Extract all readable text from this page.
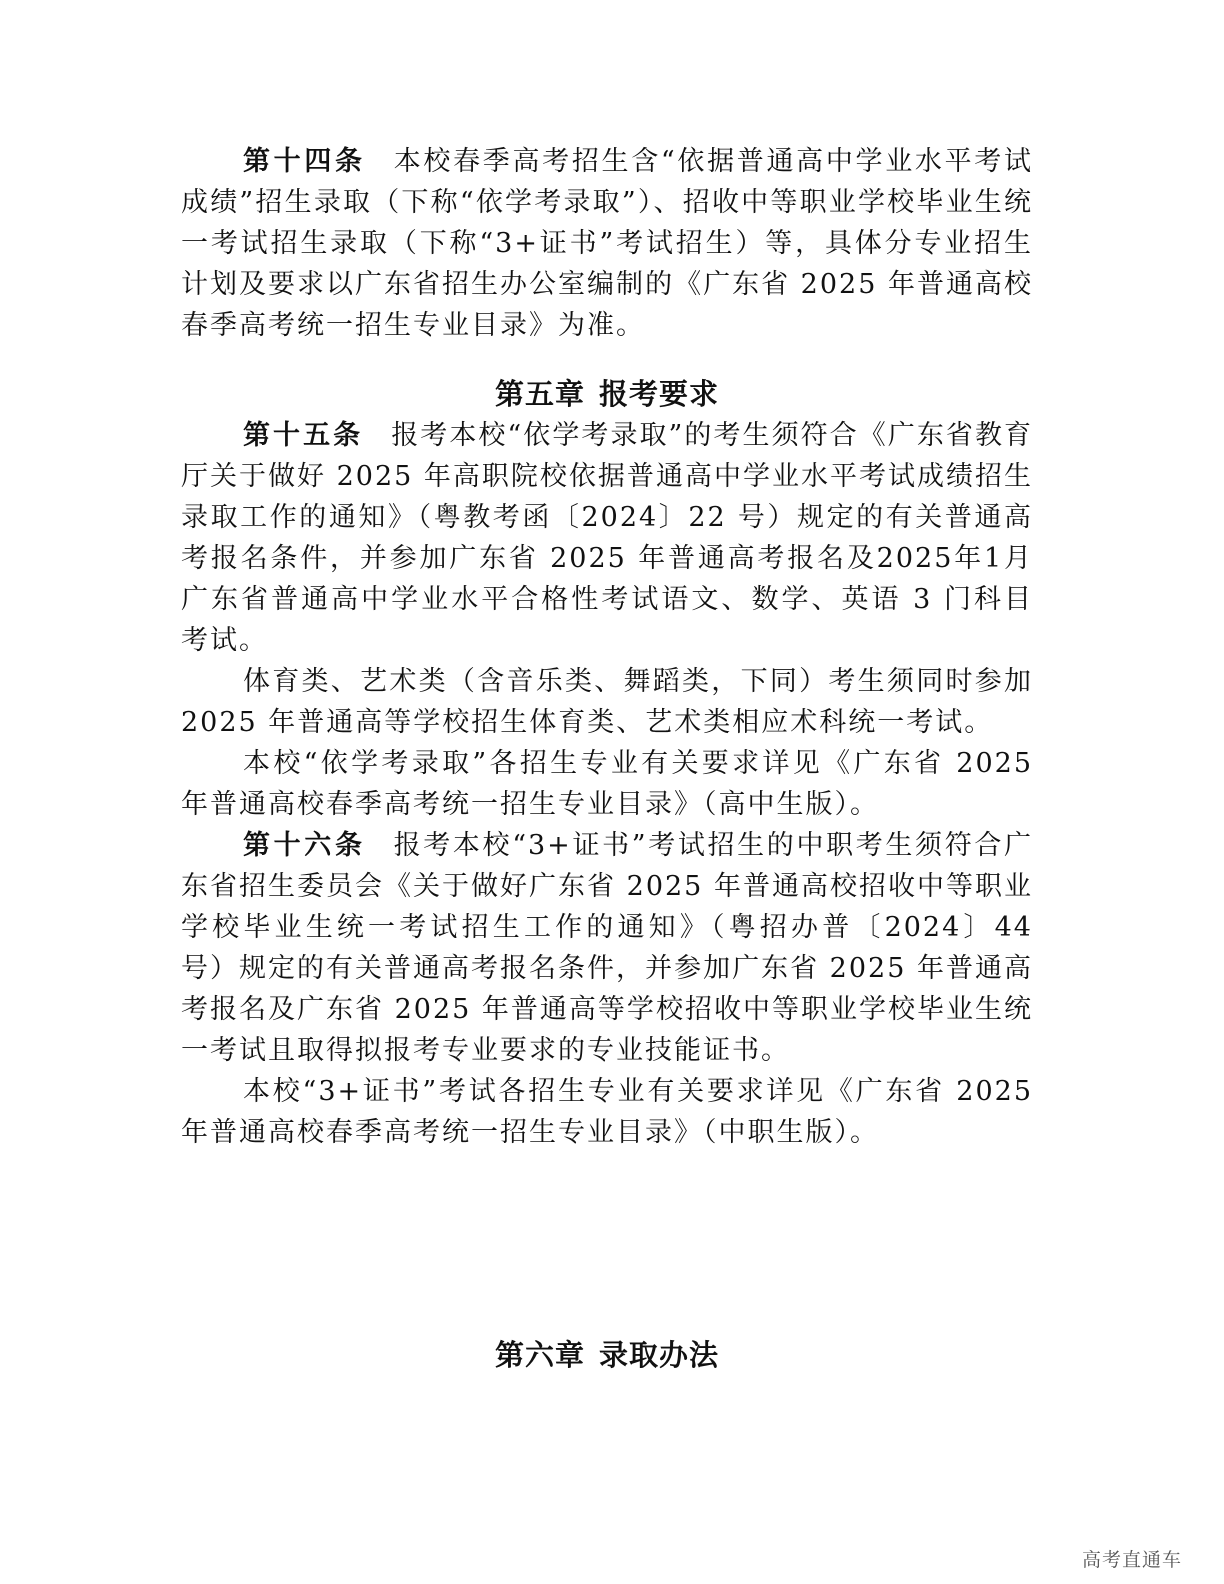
第十四条 本校春季高考招生含“依据普通高中学业水平考试成绩”招生录取（下称“依学考录取”）、招收中等职业学校毕业生统一考试招生录取（下称“3+证书”考试招生）等，具体分专业招生计划及要求以广东省招生办公室编制的《广东省 2025 年普通高校春季高考统一招生专业目录》为准。

第五章 报考要求

第十五条 报考本校“依学考录取”的考生须符合《广东省教育厅关于做好 2025 年高职院校依据普通高中学业水平考试成绩招生录取工作的通知》（粤教考函〔2024〕22 号）规定的有关普通高考报名条件，并参加广东省 2025 年普通高考报名及2025年1月广东省普通高中学业水平合格性考试语文、数学、英语 3 门科目考试。

体育类、艺术类（含音乐类、舞蹈类，下同）考生须同时参加 2025 年普通高等学校招生体育类、艺术类相应术科统一考试。

本校“依学考录取”各招生专业有关要求详见《广东省 2025 年普通高校春季高考统一招生专业目录》（高中生版）。

第十六条 报考本校“3+证书”考试招生的中职考生须符合广东省招生委员会《关于做好广东省 2025 年普通高校招收中等职业学校毕业生统一考试招生工作的通知》（粤招办普〔2024〕44 号）规定的有关普通高考报名条件，并参加广东省 2025 年普通高考报名及广东省 2025 年普通高等学校招收中等职业学校毕业生统一考试且取得拟报考专业要求的专业技能证书。

本校“3+证书”考试各招生专业有关要求详见《广东省 2025 年普通高校春季高考统一招生专业目录》（中职生版）。

第六章 录取办法

高考直通车
